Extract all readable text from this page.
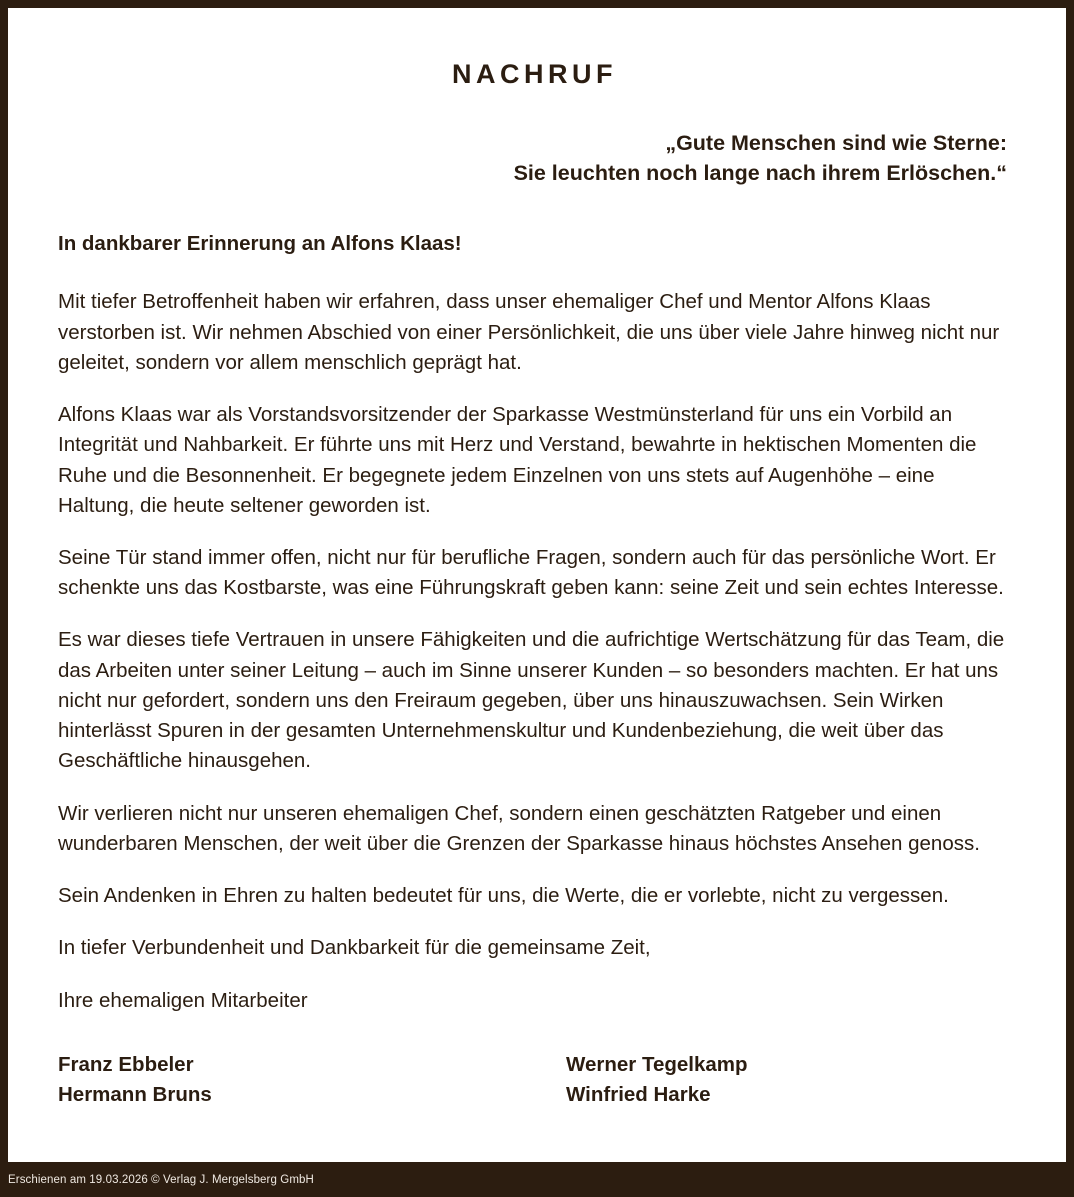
NACHRUF
„Gute Menschen sind wie Sterne:
Sie leuchten noch lange nach ihrem Erlöschen.“

In dankbarer Erinnerung an Alfons Klaas!

Mit tiefer Betroffenheit haben wir erfahren, dass unser ehemaliger Chef und Mentor Alfons Klaas verstorben ist. Wir nehmen Abschied von einer Persönlichkeit, die uns über viele Jahre hinweg nicht nur geleitet, sondern vor allem menschlich geprägt hat.

Alfons Klaas war als Vorstandsvorsitzender der Sparkasse Westmünsterland für uns ein Vorbild an Integrität und Nahbarkeit. Er führte uns mit Herz und Verstand, bewahrte in hektischen Momenten die Ruhe und die Besonnenheit. Er begegnete jedem Einzelnen von uns stets auf Augenhöhe – eine Haltung, die heute seltener geworden ist.

Seine Tür stand immer offen, nicht nur für berufliche Fragen, sondern auch für das persönliche Wort. Er schenkte uns das Kostbarste, was eine Führungskraft geben kann: seine Zeit und sein echtes Interesse.

Es war dieses tiefe Vertrauen in unsere Fähigkeiten und die aufrichtige Wertschätzung für das Team, die das Arbeiten unter seiner Leitung – auch im Sinne unserer Kunden – so besonders machten. Er hat uns nicht nur gefordert, sondern uns den Freiraum gegeben, über uns hinauszuwachsen. Sein Wirken hinterlässt Spuren in der gesamten Unternehmenskultur und Kundenbeziehung, die weit über das Geschäftliche hinausgehen.

Wir verlieren nicht nur unseren ehemaligen Chef, sondern einen geschätzten Ratgeber und einen wunderbaren Menschen, der weit über die Grenzen der Sparkasse hinaus höchstes Ansehen genoss.

Sein Andenken in Ehren zu halten bedeutet für uns, die Werte, die er vorlebte, nicht zu vergessen.

In tiefer Verbundenheit und Dankbarkeit für die gemeinsame Zeit,

Ihre ehemaligen Mitarbeiter

Franz Ebbeler
Hermann Bruns
Werner Tegelkamp
Winfried Harke
Erschienen am 19.03.2026 © Verlag J. Mergelsberg GmbH
